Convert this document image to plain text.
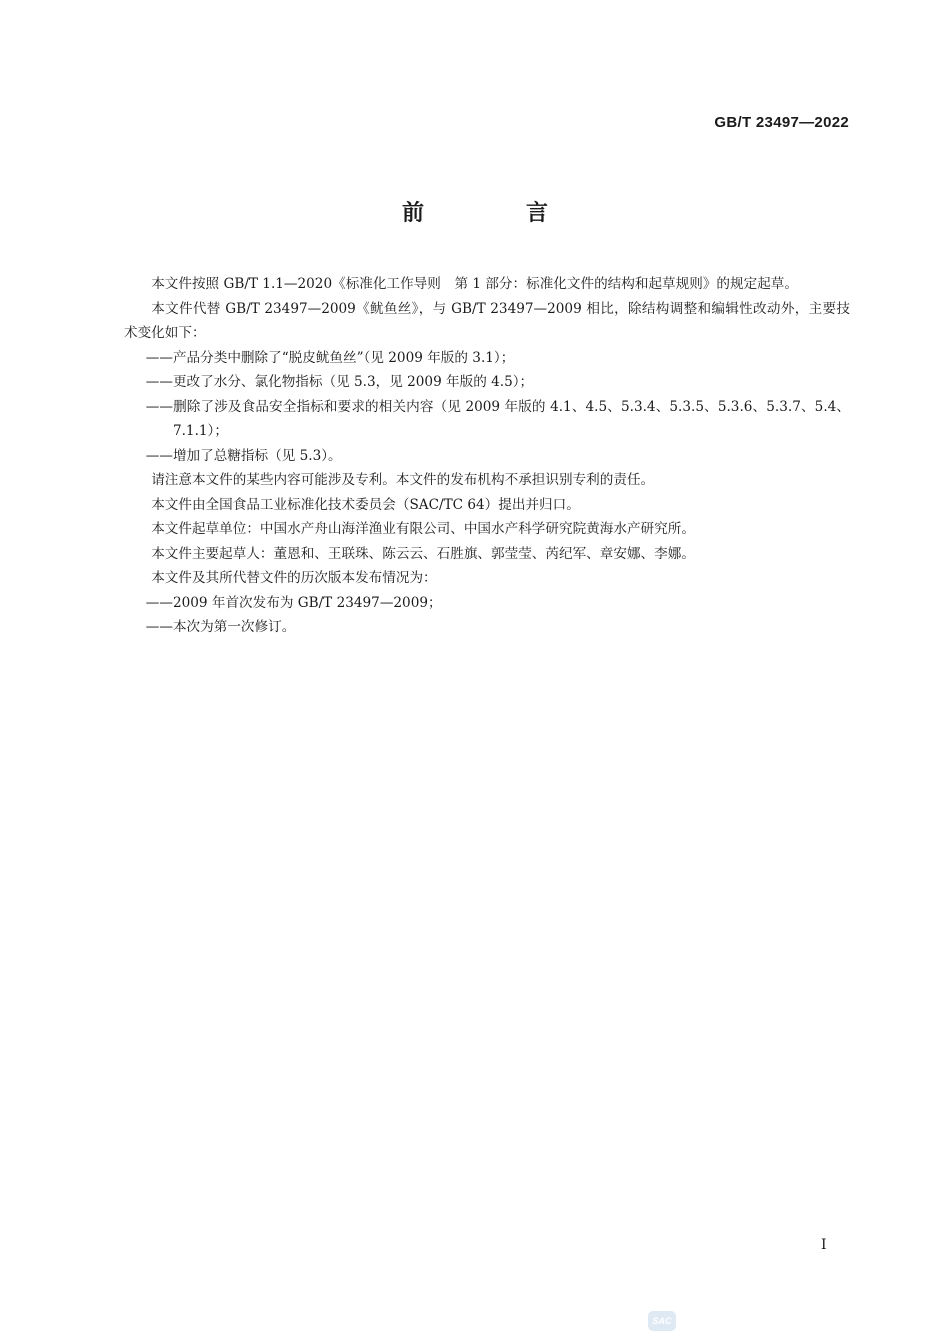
GB/T 23497—2022
前　言

本文件按照 GB/T 1.1—2020《标准化工作导则　第 1 部分：标准化文件的结构和起草规则》的规定起草。

本文件代替 GB/T 23497—2009《鱿鱼丝》，与 GB/T 23497—2009 相比，除结构调整和编辑性改动外，主要技术变化如下：

——产品分类中删除了“脱皮鱿鱼丝”（见 2009 年版的 3.1）；

——更改了水分、氯化物指标（见 5.3，见 2009 年版的 4.5）；

——删除了涉及食品安全指标和要求的相关内容（见 2009 年版的 4.1、4.5、5.3.4、5.3.5、5.3.6、5.3.7、5.4、7.1.1）；

——增加了总糖指标（见 5.3）。

请注意本文件的某些内容可能涉及专利。本文件的发布机构不承担识别专利的责任。

本文件由全国食品工业标准化技术委员会（SAC/TC 64）提出并归口。

本文件起草单位：中国水产舟山海洋渔业有限公司、中国水产科学研究院黄海水产研究所。

本文件主要起草人：董恩和、王联珠、陈云云、石胜旗、郭莹莹、芮纪军、章安娜、李娜。

本文件及其所代替文件的历次版本发布情况为：

——2009 年首次发布为 GB/T 23497—2009；

——本次为第一次修订。

I
SAC
